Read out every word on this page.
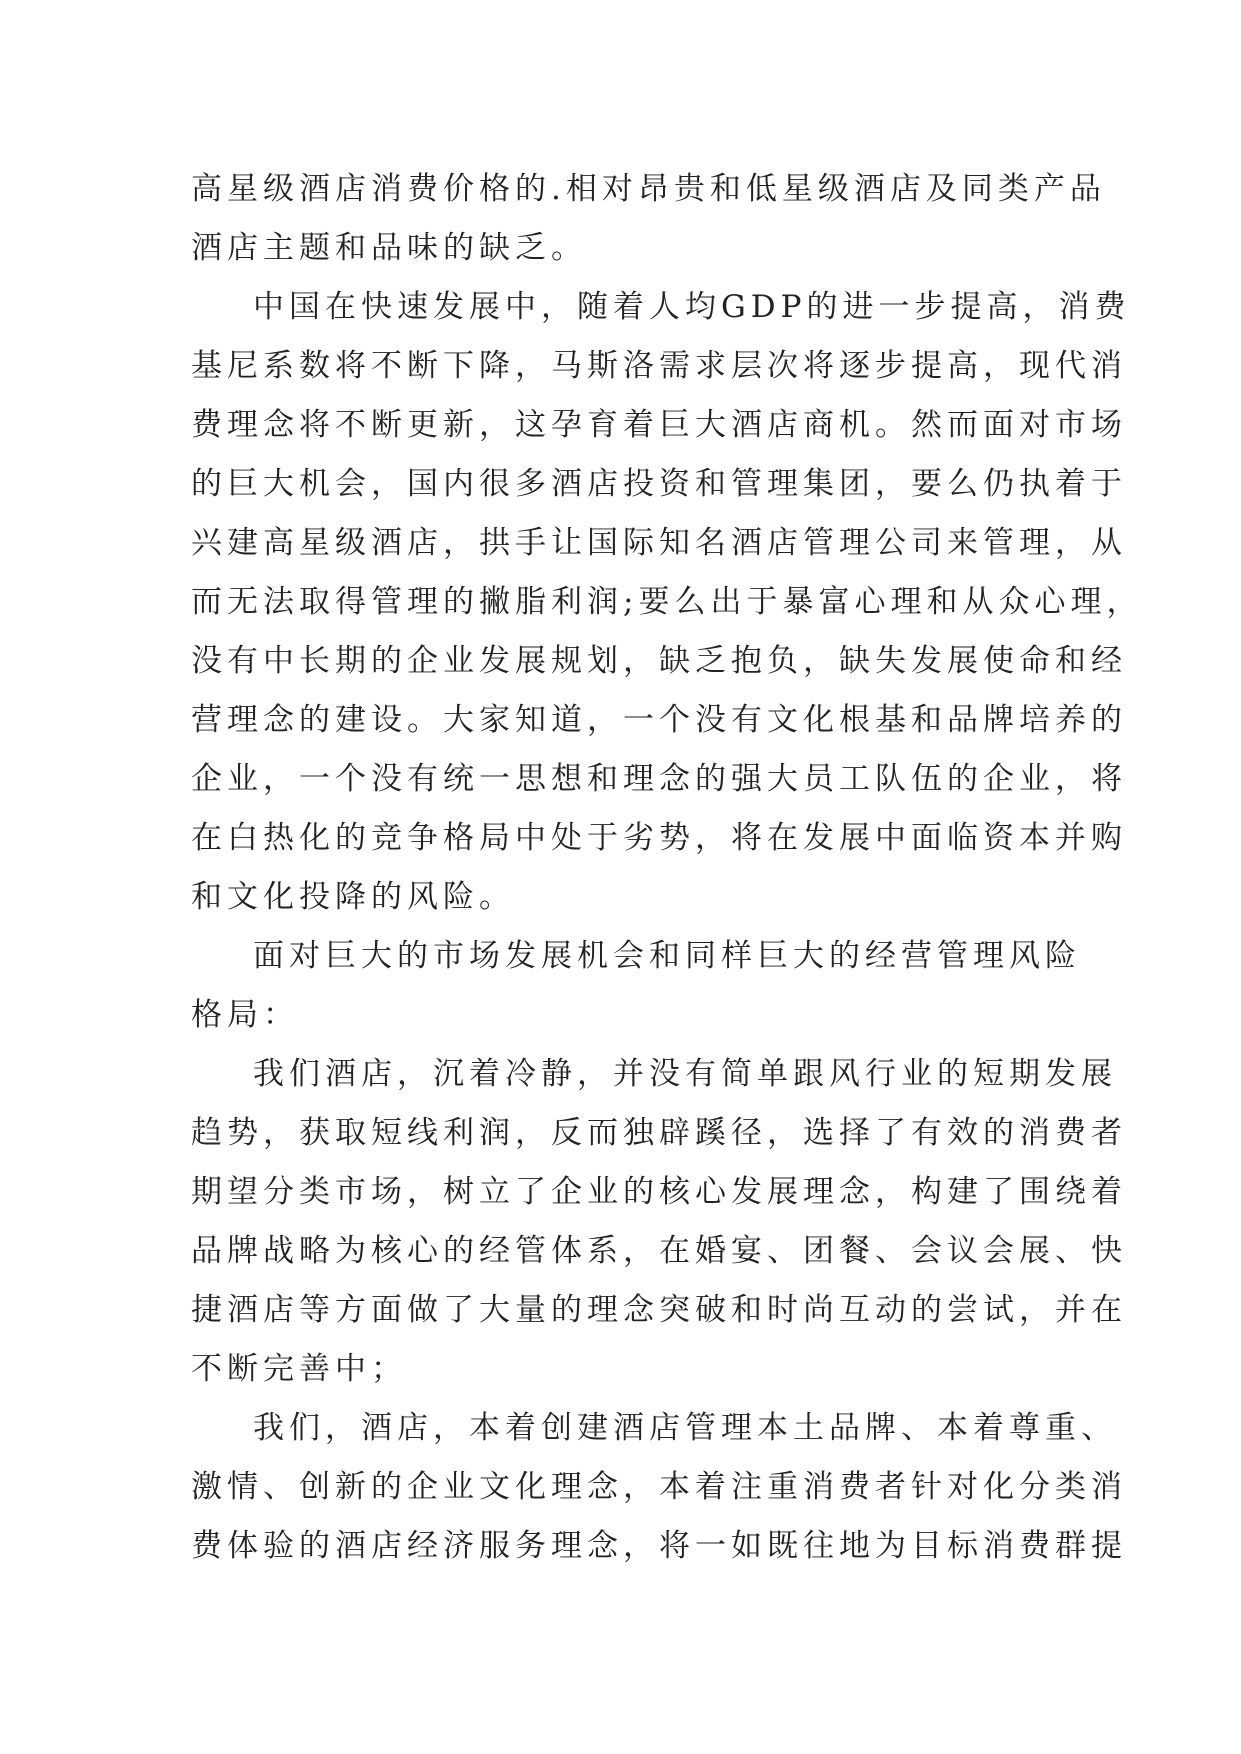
高星级酒店消费价格的.相对昂贵和低星级酒店及同类产品
酒店主题和品味的缺乏。

中国在快速发展中，随着人均GDP的进一步提高，消费
基尼系数将不断下降，马斯洛需求层次将逐步提高，现代消
费理念将不断更新，这孕育着巨大酒店商机。然而面对市场
的巨大机会，国内很多酒店投资和管理集团，要么仍执着于
兴建高星级酒店，拱手让国际知名酒店管理公司来管理，从
而无法取得管理的撇脂利润;要么出于暴富心理和从众心理，
没有中长期的企业发展规划，缺乏抱负，缺失发展使命和经
营理念的建设。大家知道，一个没有文化根基和品牌培养的
企业，一个没有统一思想和理念的强大员工队伍的企业，将
在白热化的竞争格局中处于劣势，将在发展中面临资本并购
和文化投降的风险。

面对巨大的市场发展机会和同样巨大的经营管理风险
格局：

我们酒店，沉着冷静，并没有简单跟风行业的短期发展
趋势，获取短线利润，反而独辟蹊径，选择了有效的消费者
期望分类市场，树立了企业的核心发展理念，构建了围绕着
品牌战略为核心的经管体系，在婚宴、团餐、会议会展、快
捷酒店等方面做了大量的理念突破和时尚互动的尝试，并在
不断完善中；

我们，酒店，本着创建酒店管理本土品牌、本着尊重、
激情、创新的企业文化理念，本着注重消费者针对化分类消
费体验的酒店经济服务理念，将一如既往地为目标消费群提
